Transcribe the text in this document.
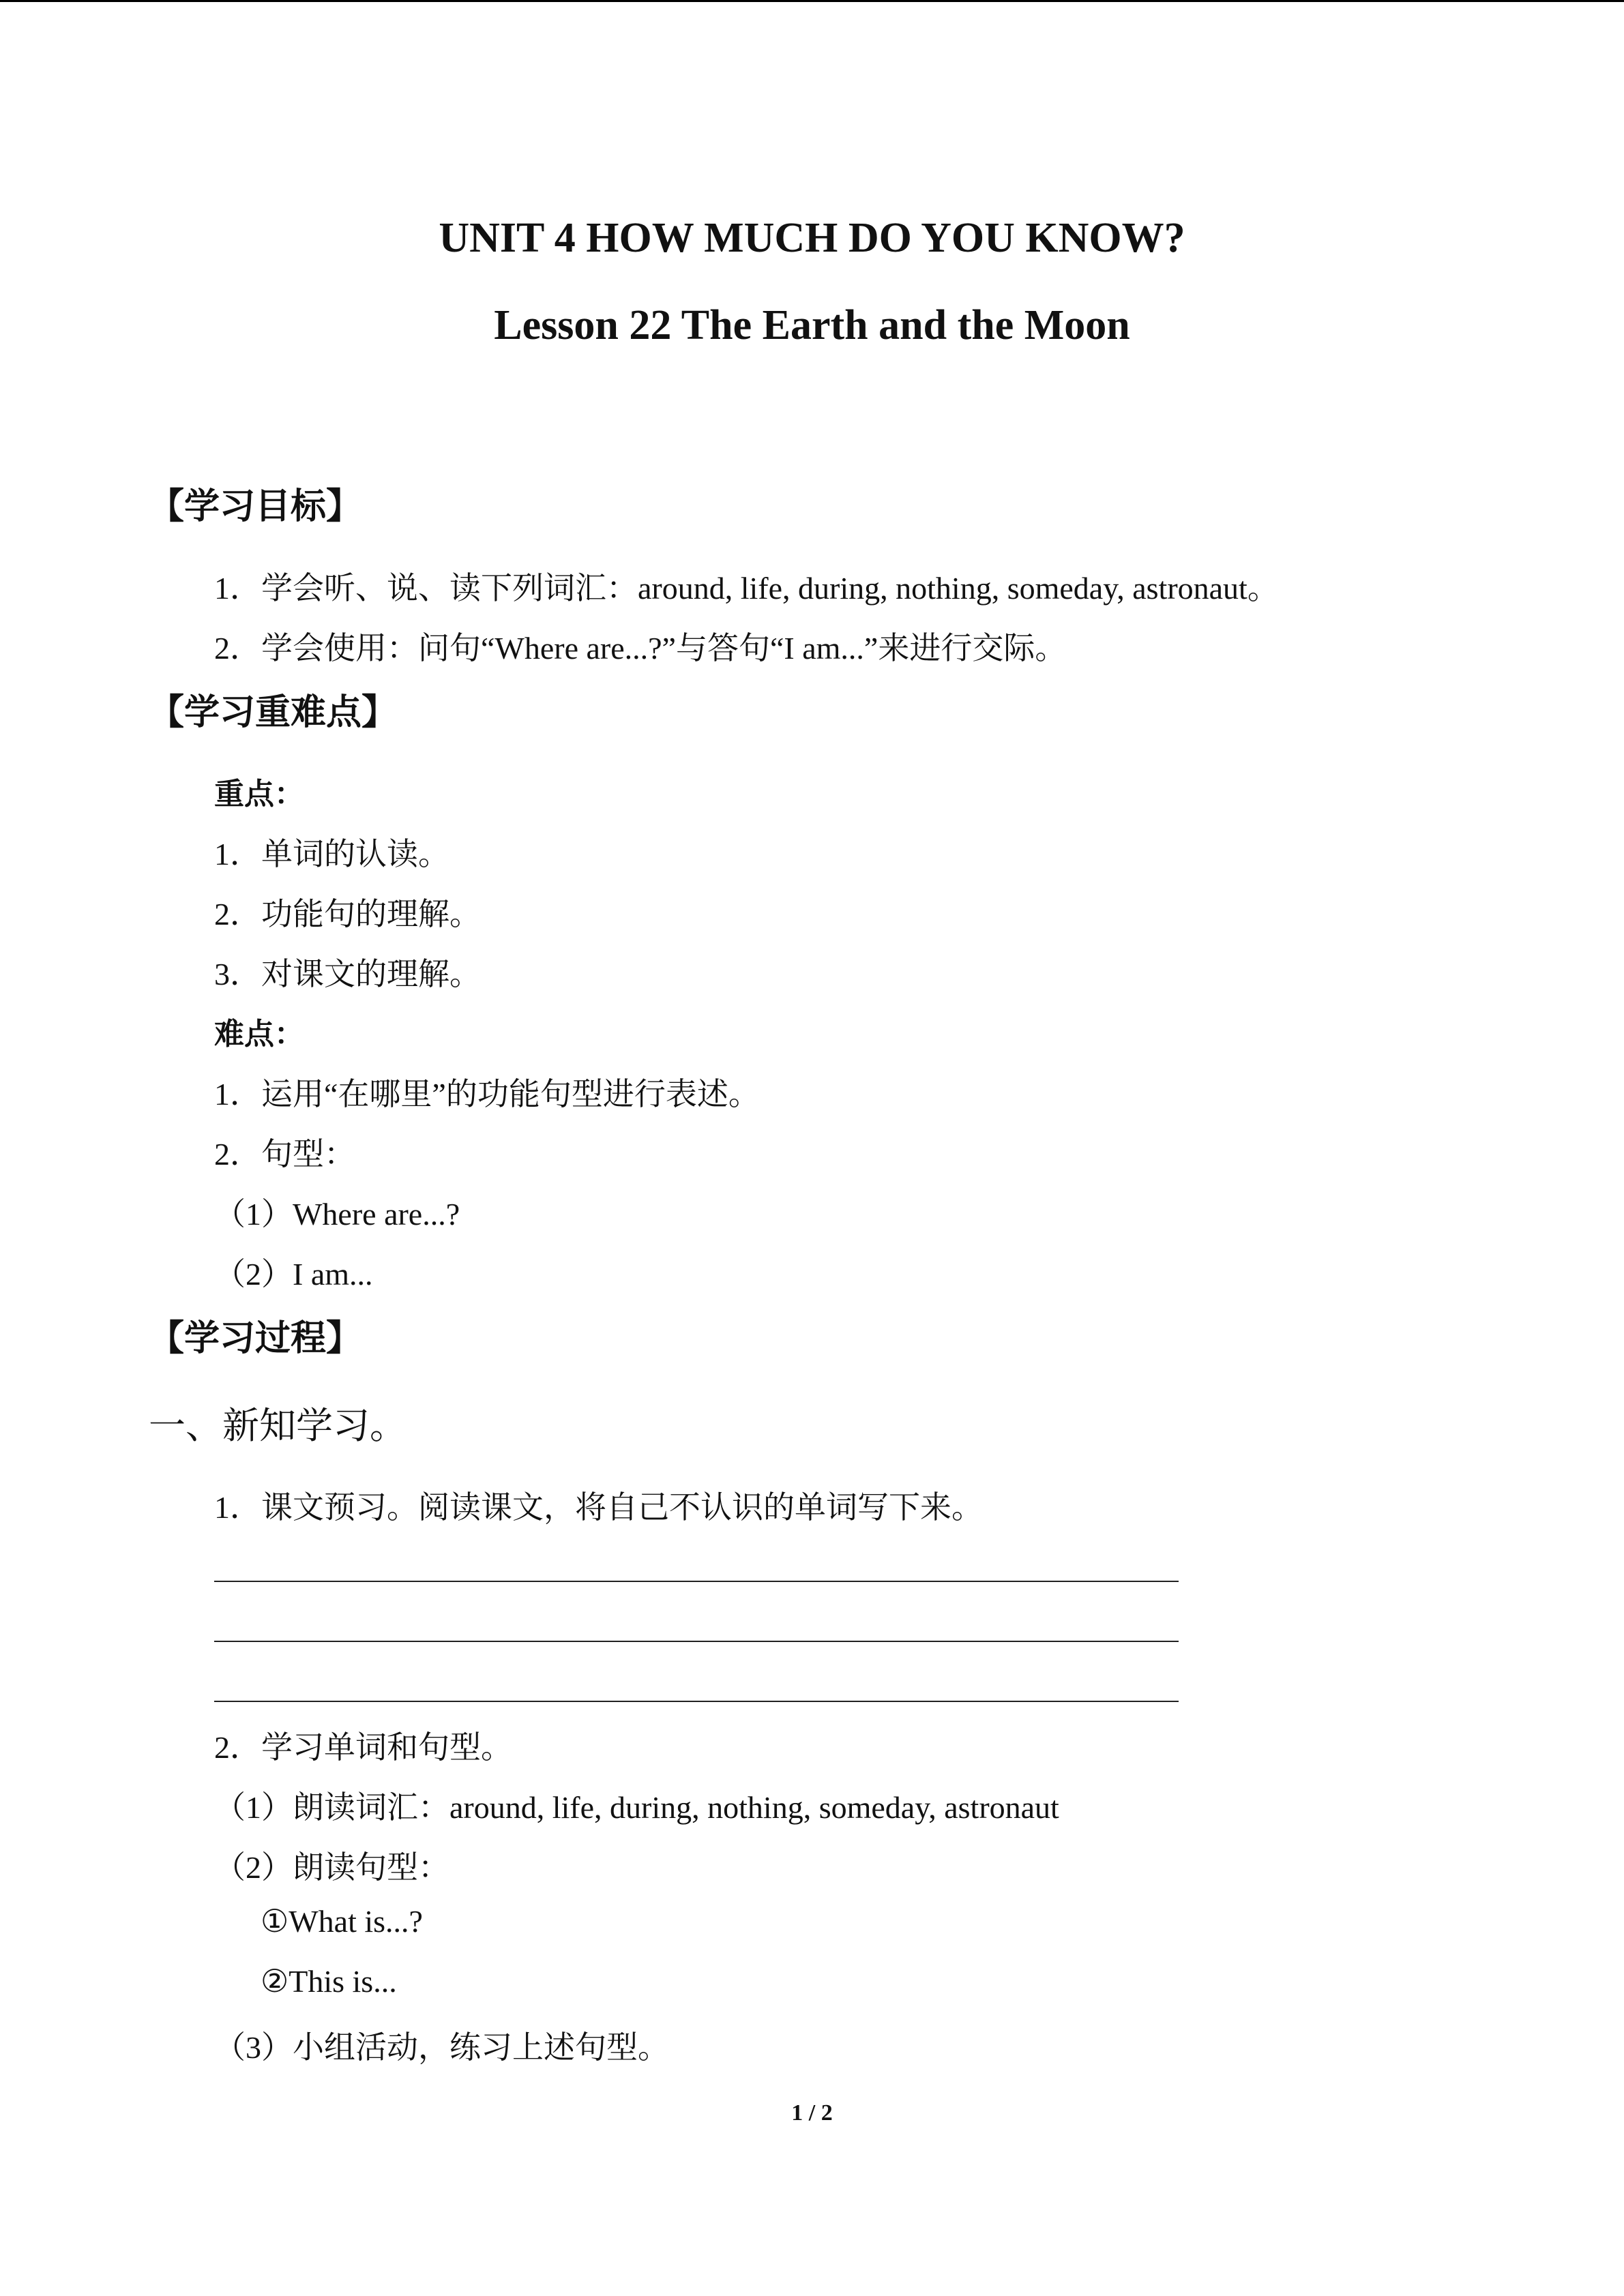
UNIT 4 HOW MUCH DO YOU KNOW?
Lesson 22 The Earth and the Moon
【学习目标】
1．学会听、说、读下列词汇：around, life, during, nothing, someday, astronaut。
2．学会使用：问句“Where are...?”与答句“I am...”来进行交际。
【学习重难点】
重点：
1．单词的认读。
2．功能句的理解。
3．对课文的理解。
难点：
1．运用“在哪里”的功能句型进行表述。
2．句型：
（1）Where are...?
（2）I am...
【学习过程】
一、新知学习。
1．课文预习。阅读课文，将自己不认识的单词写下来。
2．学习单词和句型。
（1）朗读词汇：around, life, during, nothing, someday, astronaut
（2）朗读句型：
①What is...?
②This is...
（3）小组活动，练习上述句型。
1 / 2
